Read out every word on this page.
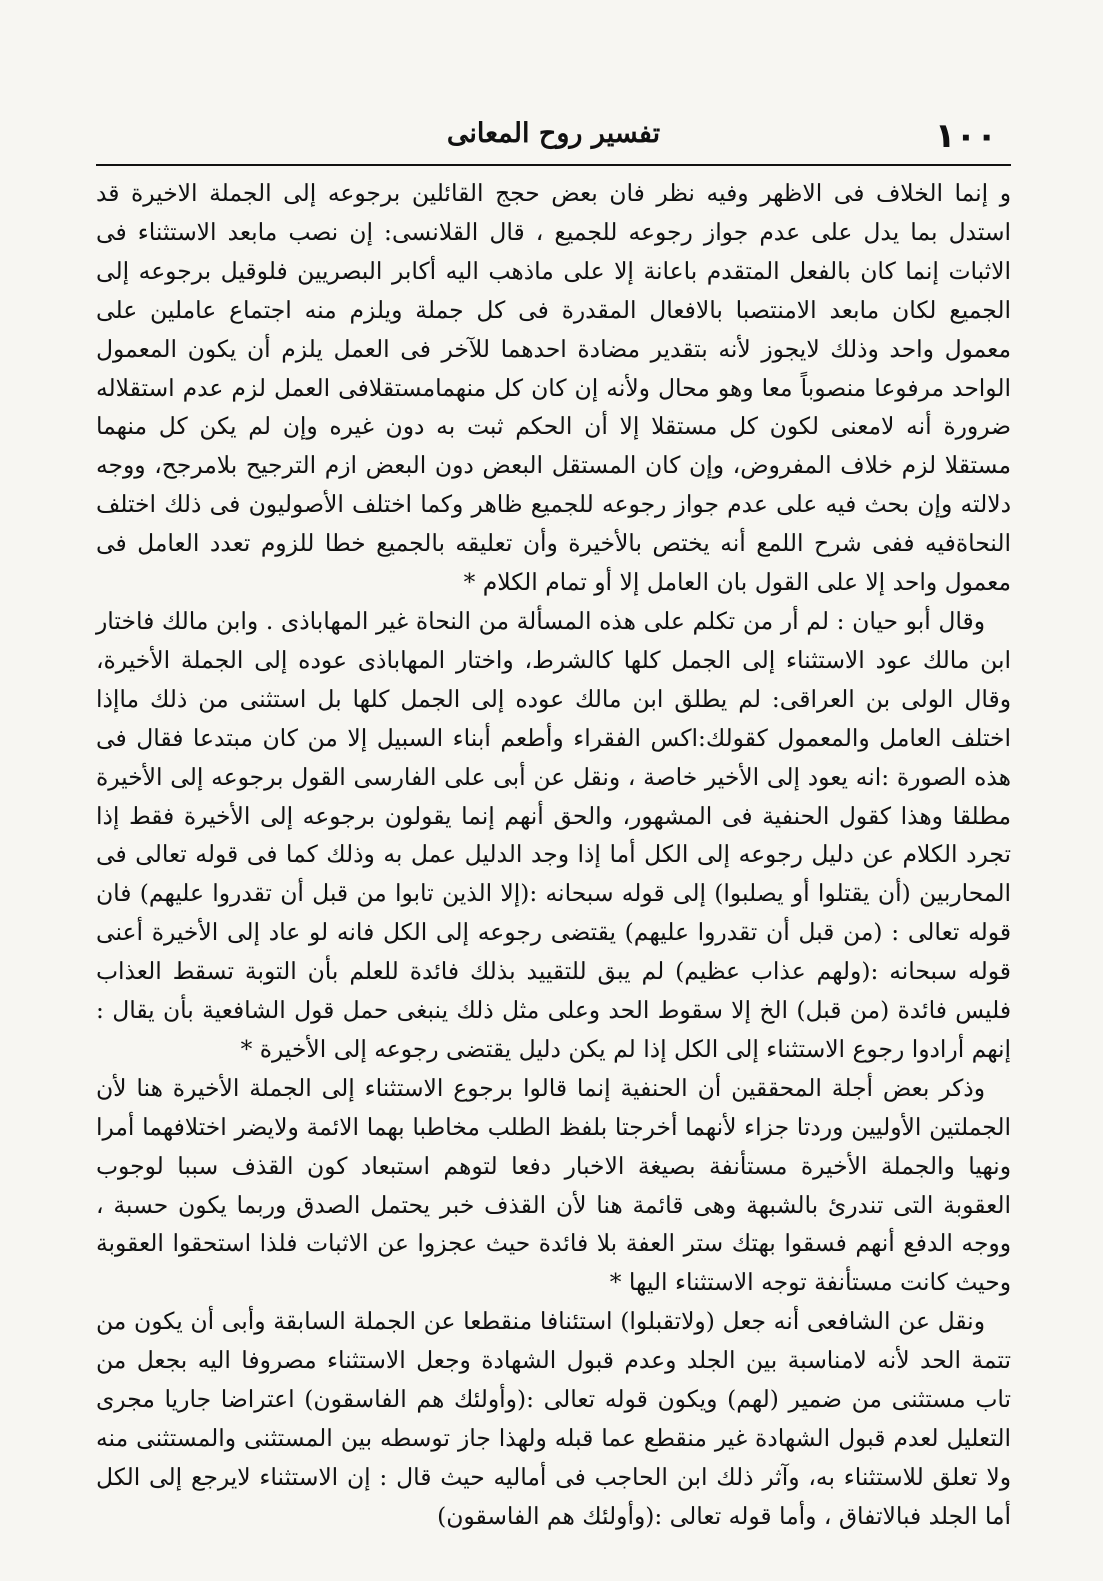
١٠٠
تفسير روح المعانى

و إنما الخلاف فى الاظهر وفيه نظر فان بعض حجج القائلين برجوعه إلى الجملة الاخيرة قد استدل بما يدل على عدم جواز رجوعه للجميع ، قال القلانسى: إن نصب مابعد الاستثناء فى الاثبات إنما كان بالفعل المتقدم باعانة إلا على ماذهب اليه أكابر البصريين فلوقيل برجوعه إلى الجميع لكان مابعد الامنتصبا بالافعال المقدرة فى كل جملة ويلزم منه اجتماع عاملين على معمول واحد وذلك لايجوز لأنه بتقدير مضادة احدهما للآخر فى العمل يلزم أن يكون المعمول الواحد مرفوعا منصوباً معا وهو محال ولأنه إن كان كل منهمامستقلافى العمل لزم عدم استقلاله ضرورة أنه لامعنى لكون كل مستقلا إلا أن الحكم ثبت به دون غيره وإن لم يكن كل منهما مستقلا لزم خلاف المفروض، وإن كان المستقل البعض دون البعض ازم الترجيح بلامرجح، ووجه دلالته وإن بحث فيه على عدم جواز رجوعه للجميع ظاهر وكما اختلف الأصوليون فى ذلك اختلف النحاةفيه ففى شرح اللمع أنه يختص بالأخيرة وأن تعليقه بالجميع خطا للزوم تعدد العامل فى معمول واحد إلا على القول بان العامل إلا أو تمام الكلام *

وقال أبو حيان : لم أر من تكلم على هذه المسألة من النحاة غير المهاباذى . وابن مالك فاختار ابن مالك عود الاستثناء إلى الجمل كلها كالشرط، واختار المهاباذى عوده إلى الجملة الأخيرة، وقال الولى بن العراقى: لم يطلق ابن مالك عوده إلى الجمل كلها بل استثنى من ذلك ماإذا اختلف العامل والمعمول كقولك:اكس الفقراء وأطعم أبناء السبيل إلا من كان مبتدعا فقال فى هذه الصورة :انه يعود إلى الأخير خاصة ، ونقل عن أبى على الفارسى القول برجوعه إلى الأخيرة مطلقا وهذا كقول الحنفية فى المشهور، والحق أنهم إنما يقولون برجوعه إلى الأخيرة فقط إذا تجرد الكلام عن دليل رجوعه إلى الكل أما إذا وجد الدليل عمل به وذلك كما فى قوله تعالى فى المحاربين (أن يقتلوا أو يصلبوا) إلى قوله سبحانه :(إلا الذين تابوا من قبل أن تقدروا عليهم) فان قوله تعالى : (من قبل أن تقدروا عليهم) يقتضى رجوعه إلى الكل فانه لو عاد إلى الأخيرة أعنى قوله سبحانه :(ولهم عذاب عظيم) لم يبق للتقييد بذلك فائدة للعلم بأن التوبة تسقط العذاب فليس فائدة (من قبل) الخ إلا سقوط الحد وعلى مثل ذلك ينبغى حمل قول الشافعية بأن يقال : إنهم أرادوا رجوع الاستثناء إلى الكل إذا لم يكن دليل يقتضى رجوعه إلى الأخيرة *

وذكر بعض أجلة المحققين أن الحنفية إنما قالوا برجوع الاستثناء إلى الجملة الأخيرة هنا لأن الجملتين الأوليين وردتا جزاء لأنهما أخرجتا بلفظ الطلب مخاطبا بهما الائمة ولايضر اختلافهما أمرا ونهيا والجملة الأخيرة مستأنفة بصيغة الاخبار دفعا لتوهم استبعاد كون القذف سببا لوجوب العقوبة التى تندرئ بالشبهة وهى قائمة هنا لأن القذف خبر يحتمل الصدق وربما يكون حسبة ، ووجه الدفع أنهم فسقوا بهتك ستر العفة بلا فائدة حيث عجزوا عن الاثبات فلذا استحقوا العقوبة وحيث كانت مستأنفة توجه الاستثناء اليها *

ونقل عن الشافعى أنه جعل (ولاتقبلوا) استئنافا منقطعا عن الجملة السابقة وأبى أن يكون من تتمة الحد لأنه لامناسبة بين الجلد وعدم قبول الشهادة وجعل الاستثناء مصروفا اليه بجعل من تاب مستثنى من ضمير (لهم) ويكون قوله تعالى :(وأولئك هم الفاسقون) اعتراضا جاريا مجرى التعليل لعدم قبول الشهادة غير منقطع عما قبله ولهذا جاز توسطه بين المستثنى والمستثنى منه ولا تعلق للاستثناء به، وآثر ذلك ابن الحاجب فى أماليه حيث قال : إن الاستثناء لايرجع إلى الكل أما الجلد فبالاتفاق ، وأما قوله تعالى :(وأولئك هم الفاسقون)
